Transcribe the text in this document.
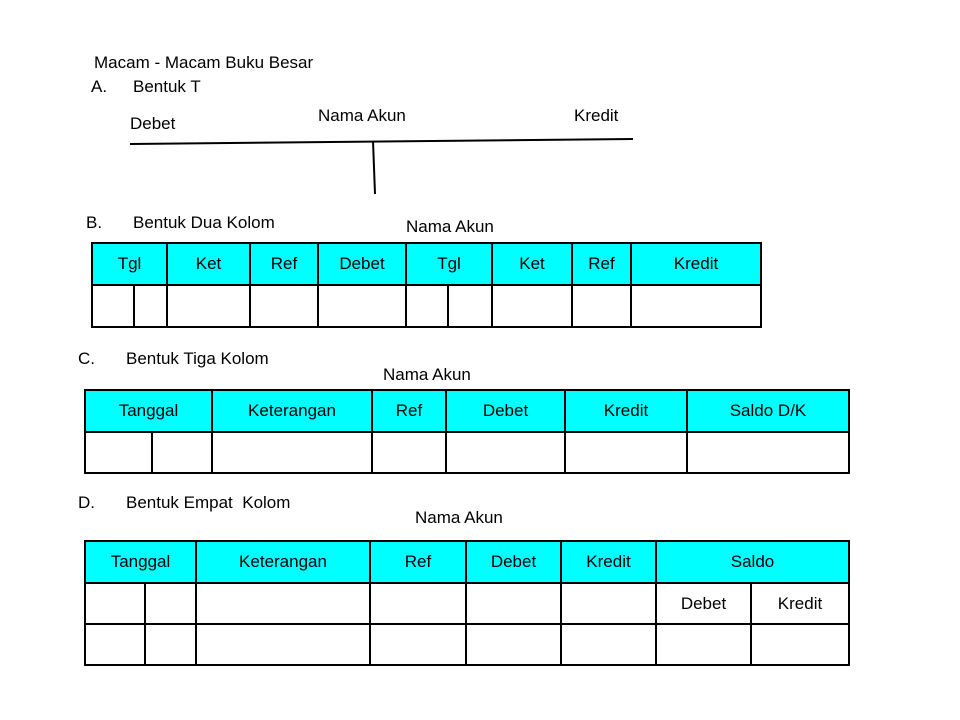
Macam - Macam Buku Besar
A. Bentuk T
Debet	Nama Akun	Kredit
B. Bentuk Dua Kolom	Nama Akun
Tgl		Ket	Ref	Debet	Tgl		Ket	Ref	Kredit

C. Bentuk Tiga Kolom
Nama Akun
Tanggal		Keterangan	Ref	Debet	Kredit	Saldo D/K

D. Bentuk Empat  Kolom
Nama Akun
Tanggal		Keterangan	Ref	Debet	Kredit	Saldo	
						Debet	Kredit
